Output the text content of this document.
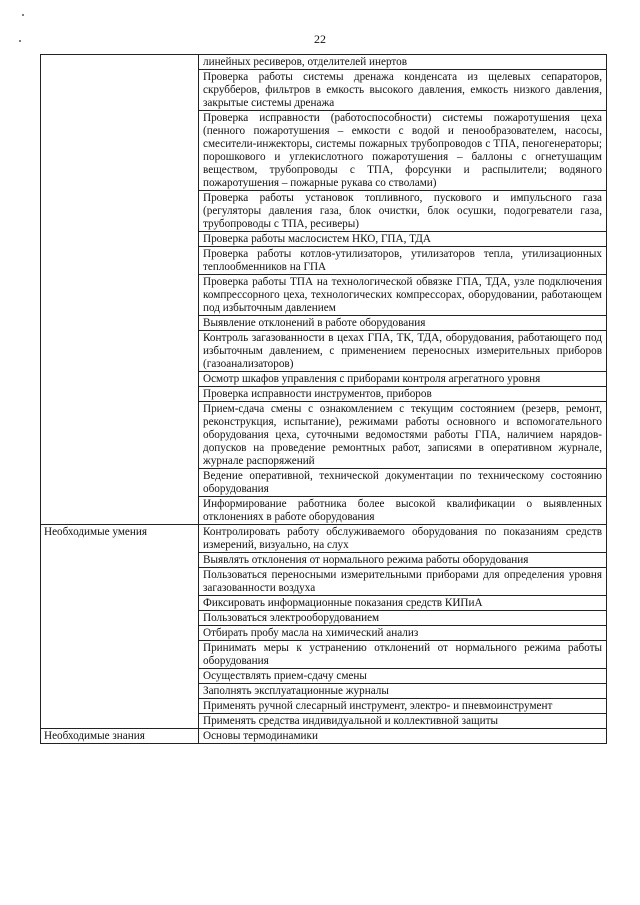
22
	линейных ресиверов, отделителей инертов
	Проверка работы системы дренажа конденсата из щелевых сепараторов, скрубберов, фильтров в емкость высокого давления, емкость низкого давления, закрытые системы дренажа
	Проверка исправности (работоспособности) системы пожаротушения цеха (пенного пожаротушения – емкости с водой и пенообразователем, насосы, смесители-инжекторы, системы пожарных трубопроводов с ТПА, пеногенераторы; порошкового и углекислотного пожаротушения – баллоны с огнетушащим веществом, трубопроводы с ТПА, форсунки и распылители; водяного пожаротушения – пожарные рукава со стволами)
	Проверка работы установок топливного, пускового и импульсного газа (регуляторы давления газа, блок очистки, блок осушки, подогреватели газа, трубопроводы с ТПА, ресиверы)
	Проверка работы маслосистем НКО, ГПА, ТДА
	Проверка работы котлов-утилизаторов, утилизаторов тепла, утилизационных теплообменников на ГПА
	Проверка работы ТПА на технологической обвязке ГПА, ТДА, узле подключения компрессорного цеха, технологических компрессорах, оборудовании, работающем под избыточным давлением
	Выявление отклонений в работе оборудования
	Контроль загазованности в цехах ГПА, ТК, ТДА, оборудования, работающего под избыточным давлением, с применением переносных измерительных приборов (газоанализаторов)
	Осмотр шкафов управления с приборами контроля агрегатного уровня
	Проверка исправности инструментов, приборов
	Прием-сдача смены с ознакомлением с текущим состоянием (резерв, ремонт, реконструкция, испытание), режимами работы основного и вспомогательного оборудования цеха, суточными ведомостями работы ГПА, наличием нарядов-допусков на проведение ремонтных работ, записями в оперативном журнале, журнале распоряжений
	Ведение оперативной, технической документации по техническому состоянию оборудования
	Информирование работника более высокой квалификации о выявленных отклонениях в работе оборудования
Необходимые умения	Контролировать работу обслуживаемого оборудования по показаниям средств измерений, визуально, на слух
	Выявлять отклонения от нормального режима работы оборудования
	Пользоваться переносными измерительными приборами для определения уровня загазованности воздуха
	Фиксировать информационные показания средств КИПиА
	Пользоваться электрооборудованием
	Отбирать пробу масла на химический анализ
	Принимать меры к устранению отклонений от нормального режима работы оборудования
	Осуществлять прием-сдачу смены
	Заполнять эксплуатационные журналы
	Применять ручной слесарный инструмент, электро- и пневмоинструмент
	Применять средства индивидуальной и коллективной защиты
Необходимые знания	Основы термодинамики
